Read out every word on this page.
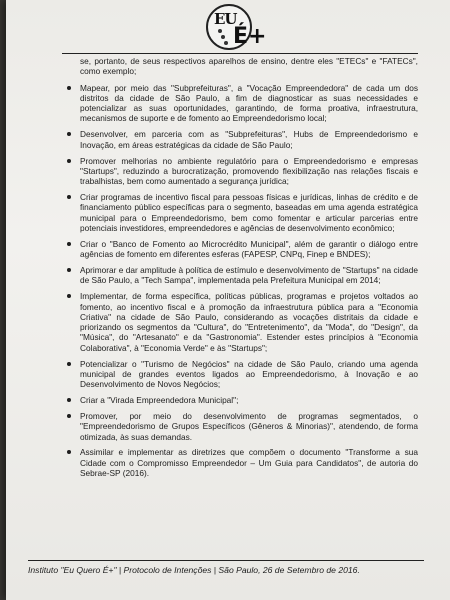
EU
É+

se, portanto, de seus respectivos aparelhos de ensino, dentre eles "ETECs" e "FATECs", como exemplo;

Mapear, por meio das "Subprefeituras", a "Vocação Empreendedora" de cada um dos distritos da cidade de São Paulo, a fim de diagnosticar as suas necessidades e potencializar as suas oportunidades, garantindo, de forma proativa, infraestrutura, mecanismos de suporte e de fomento ao Empreendedorismo local;
Desenvolver, em parceria com as "Subprefeituras", Hubs de Empreendedorismo e Inovação, em áreas estratégicas da cidade de São Paulo;
Promover melhorias no ambiente regulatório para o Empreendedorismo e empresas "Startups", reduzindo a burocratização, promovendo flexibilização nas relações fiscais e trabalhistas, bem como aumentado a segurança jurídica;
Criar programas de incentivo fiscal para pessoas físicas e jurídicas, linhas de crédito e de financiamento público específicas para o segmento, baseadas em uma agenda estratégica municipal para o Empreendedorismo, bem como fomentar e articular parcerias entre potenciais investidores, empreendedores e agências de desenvolvimento econômico;
Criar o "Banco de Fomento ao Microcrédito Municipal", além de garantir o diálogo entre agências de fomento em diferentes esferas (FAPESP, CNPq, Finep e BNDES);
Aprimorar e dar amplitude à política de estímulo e desenvolvimento de "Startups" na cidade de São Paulo, a "Tech Sampa", implementada pela Prefeitura Municipal em 2014;
Implementar, de forma específica, políticas públicas, programas e projetos voltados ao fomento, ao incentivo fiscal e à promoção da infraestrutura pública para a "Economia Criativa" na cidade de São Paulo, considerando as vocações distritais da cidade e priorizando os segmentos da "Cultura", do "Entretenimento", da "Moda", do "Design", da "Música", do "Artesanato" e da "Gastronomia". Estender estes princípios à "Economia Colaborativa", à "Economia Verde" e às "Startups";
Potencializar o "Turismo de Negócios" na cidade de São Paulo, criando uma agenda municipal de grandes eventos ligados ao Empreendedorismo, à Inovação e ao Desenvolvimento de Novos Negócios;
Criar a "Virada Empreendedora Municipal";
Promover, por meio do desenvolvimento de programas segmentados, o "Empreendedorismo de Grupos Específicos (Gêneros & Minorias)", atendendo, de forma otimizada, às suas demandas.
Assimilar e implementar as diretrizes que compõem o documento "Transforme a sua Cidade com o Compromisso Empreendedor – Um Guia para Candidatos", de autoria do Sebrae-SP (2016).
Instituto "Eu Quero É+" | Protocolo de Intenções | São Paulo, 26 de Setembro de 2016.
